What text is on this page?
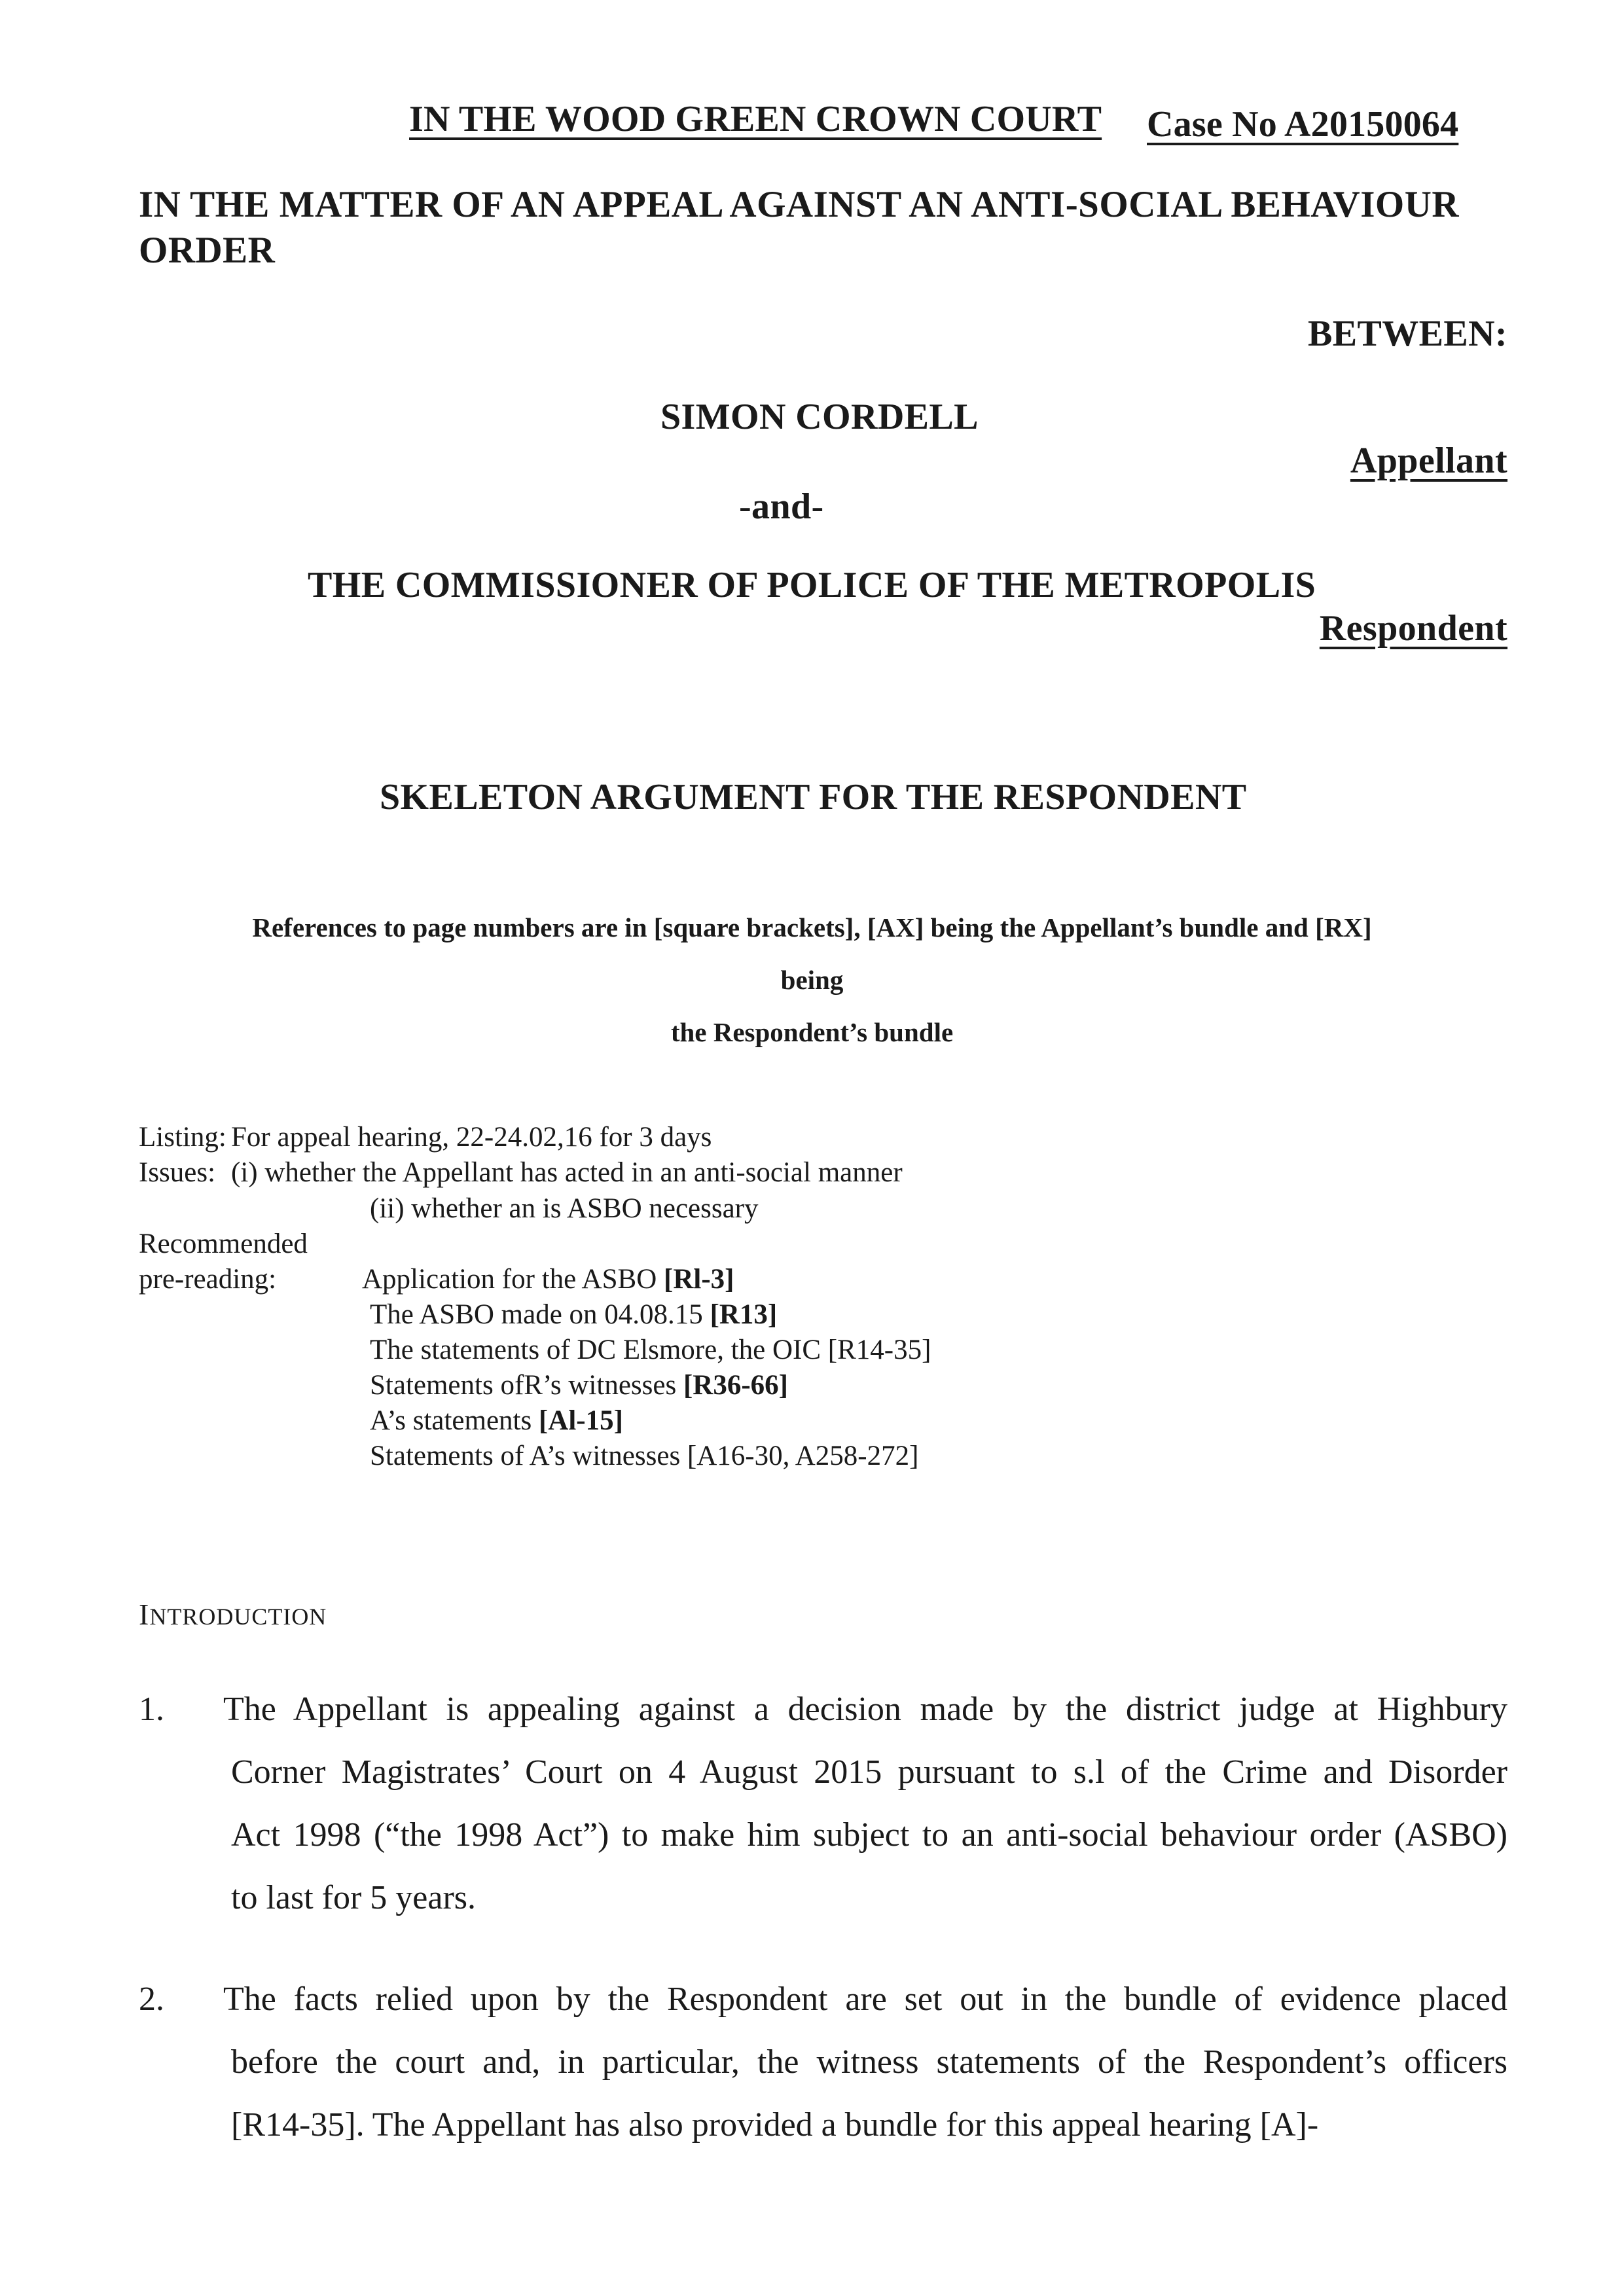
IN THE WOOD GREEN CROWN COURT Case No A20150064
IN THE MATTER OF AN APPEAL AGAINST AN ANTI-SOCIAL BEHAVIOUR
ORDER
BETWEEN:
SIMON CORDELL
Appellant
-and-
THE COMMISSIONER OF POLICE OF THE METROPOLIS
Respondent
SKELETON ARGUMENT FOR THE RESPONDENT
References to page numbers are in [square brackets], [AX] being the Appellant’s bundle and [RX]
being
the Respondent’s bundle
Listing: For appeal hearing, 22-24.02,16 for 3 days
Issues: (i) whether the Appellant has acted in an anti-social manner
(ii) whether an is ASBO necessary
Recommended
pre-reading:	Application for the ASBO [Rl-3]
The ASBO made on 04.08.15 [R13]
The statements of DC Elsmore, the OIC [R14-35]
Statements ofR’s witnesses [R36-66]
A’s statements [Al-15]
Statements of A’s witnesses [A16-30, A258-272]
INTRODUCTION
1. The Appellant is appealing against a decision made by the district judge at Highbury
Corner Magistrates’ Court on 4 August 2015 pursuant to s.l of the Crime and Disorder
Act 1998 (“the 1998 Act”) to make him subject to an anti-social behaviour order (ASBO)
to last for 5 years.
2. The facts relied upon by the Respondent are set out in the bundle of evidence placed
before the court and, in particular, the witness statements of the Respondent’s officers
[R14-35]. The Appellant has also provided a bundle for this appeal hearing [A]-
